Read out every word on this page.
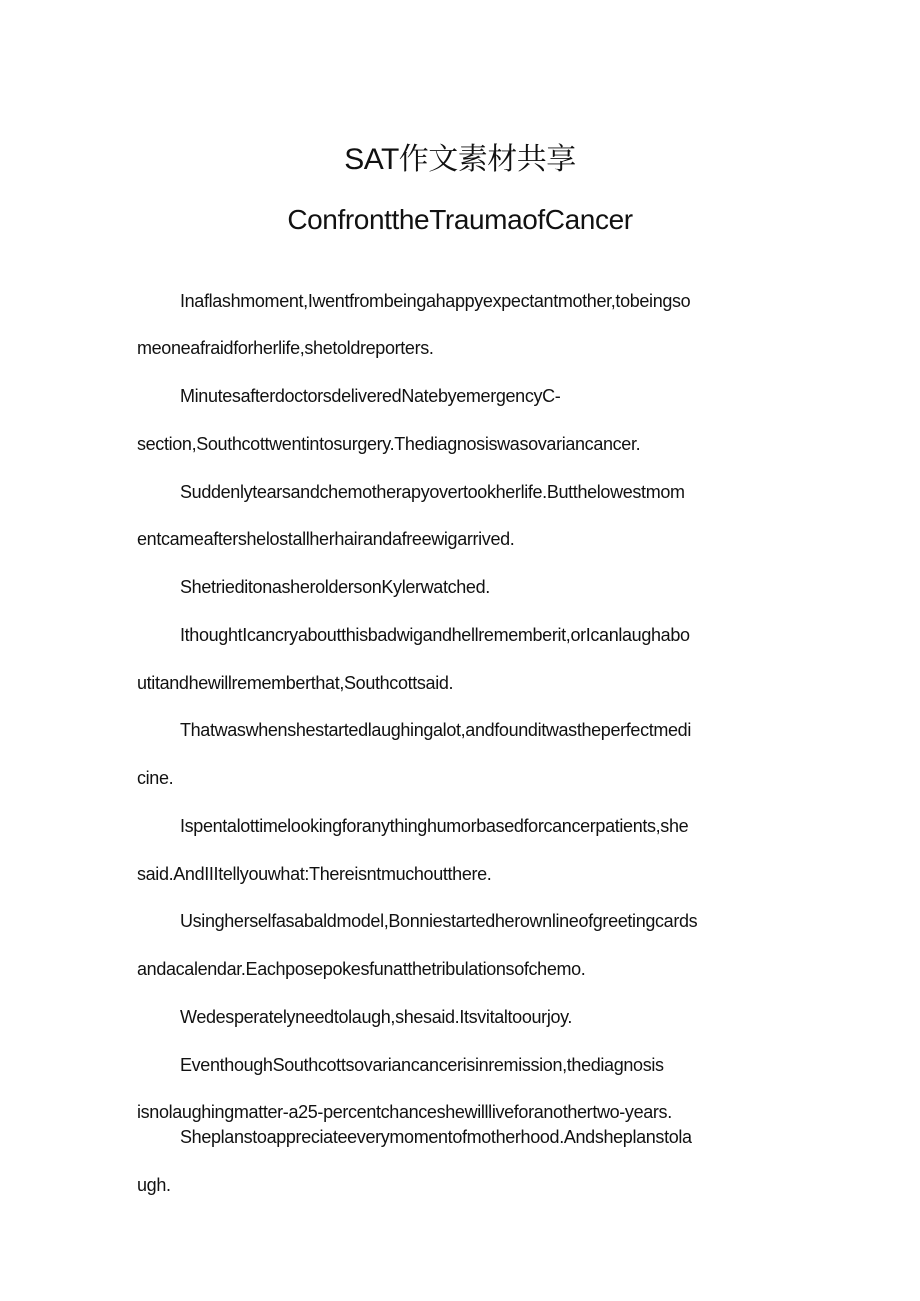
SAT作文素材共享
ConfronttheTraumaofCancer
Inaflashmoment,Iwentfrombeingahappyexpectantmother,tobeingso
meoneafraidforherlife,shetoldreporters.
MinutesafterdoctorsdeliveredNatebyemergencyC-
section,Southcottwentintosurgery.Thediagnosiswasovariancancer.
Suddenlytearsandchemotherapyovertookherlife.Butthelowestmom
entcameaftershelostallherhairandafreewigarrived.
ShetrieditonasheroldersonKylerwatched.
IthoughtIcancryaboutthisbadwigandhellrememberit,orIcanlaughabo
utitandhewillrememberthat,Southcottsaid.
Thatwaswhenshestartedlaughingalot,andfounditwastheperfectmedi
cine.
Ispentalottimelookingforanythinghumorbasedforcancerpatients,she
said.AndIIItellyouwhat:Thereisntmuchoutthere.
Usingherselfasabaldmodel,Bonniestartedherownlineofgreetingcards
andacalendar.Eachposepokesfunatthetribulationsofchemo.
Wedesperatelyneedtolaugh,shesaid.Itsvitaltoourjoy.
EventhoughSouthcottsovariancancerisinremission,thediagnosis
isnolaughingmatter-a25-percentchanceshewillliveforanothertwo-years.
Sheplanstoappreciateeverymomentofmotherhood.Andsheplanstola
ugh.
